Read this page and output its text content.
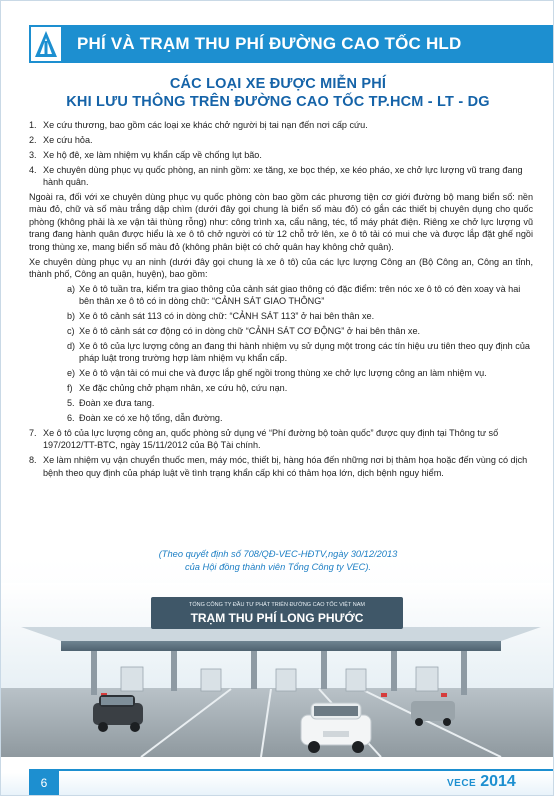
PHÍ VÀ TRẠM THU PHÍ ĐƯỜNG CAO TỐC HLD
CÁC LOẠI XE ĐƯỢC MIỄN PHÍ
KHI LƯU THÔNG TRÊN ĐƯỜNG CAO TỐC TP.HCM - LT - DG
1. Xe cứu thương, bao gồm các loại xe khác chở người bị tai nạn đến nơi cấp cứu.
2. Xe cứu hỏa.
3. Xe hộ đê, xe làm nhiệm vụ khẩn cấp về chống lụt bão.
4. Xe chuyên dùng phục vụ quốc phòng, an ninh gồm: xe tăng, xe bọc thép, xe kéo pháo, xe chở lực lượng vũ trang đang hành quân.
Ngoài ra, đối với xe chuyên dùng phục vụ quốc phòng còn bao gồm các phương tiện cơ giới đường bộ mang biển số: nền màu đỏ, chữ và số màu trắng dập chìm (dưới đây gọi chung là biển số màu đỏ) có gắn các thiết bị chuyên dụng cho quốc phòng (không phải là xe vận tải thùng rỗng) như: công trình xa, cẩu nâng, téc, tổ máy phát điện. Riêng xe chở lực lượng vũ trang đang hành quân được hiểu là xe ô tô chở người có từ 12 chỗ trở lên, xe ô tô tải có mui che và được lắp đặt ghế ngồi trong thùng xe, mang biển số màu đỏ (không phân biệt có chở quân hay không chở quân).
Xe chuyên dùng phục vụ an ninh (dưới đây gọi chung là xe ô tô) của các lực lượng Công an (Bộ Công an, Công an tỉnh, thành phố, Công an quận, huyện), bao gồm:
a) Xe ô tô tuần tra, kiểm tra giao thông của cảnh sát giao thông có đặc điểm: trên nóc xe ô tô có đèn xoay và hai bên thân xe ô tô có in dòng chữ: “CẢNH SÁT GIAO THÔNG”
b) Xe ô tô cảnh sát 113 có in dòng chữ: “CẢNH SÁT 113” ở hai bên thân xe.
c) Xe ô tô cảnh sát cơ động có in dòng chữ “CẢNH SÁT CƠ ĐỘNG” ở hai bên thân xe.
d) Xe ô tô của lực lượng công an đang thi hành nhiệm vụ sử dụng một trong các tín hiệu ưu tiên theo quy định của pháp luật trong trường hợp làm nhiệm vụ khẩn cấp.
e) Xe ô tô vận tải có mui che và được lắp ghế ngồi trong thùng xe chở lực lượng công an làm nhiệm vụ.
f) Xe đặc chủng chở phạm nhân, xe cứu hộ, cứu nạn.
5. Đoàn xe đưa tang.
6. Đoàn xe có xe hộ tống, dẫn đường.
7. Xe ô tô của lực lượng công an, quốc phòng sử dụng vé “Phí đường bộ toàn quốc” được quy định tại Thông tư số 197/2012/TT-BTC, ngày 15/11/2012 của Bộ Tài chính.
8. Xe làm nhiệm vụ vận chuyển thuốc men, máy móc, thiết bị, hàng hóa đến những nơi bị thảm họa hoặc đến vùng có dịch bệnh theo quy định của pháp luật về tình trạng khẩn cấp khi có thảm họa lớn, dịch bệnh nguy hiểm.
(Theo quyết định số 708/QĐ-VEC-HĐTV,ngày 30/12/2013
của Hội đồng thành viên Tổng Công ty VEC).
TỔNG CÔNG TY ĐẦU TƯ PHÁT TRIỂN ĐƯỜNG CAO TỐC VIỆT NAM
TRẠM THU PHÍ LONG PHƯỚC
6	VECE 2014
